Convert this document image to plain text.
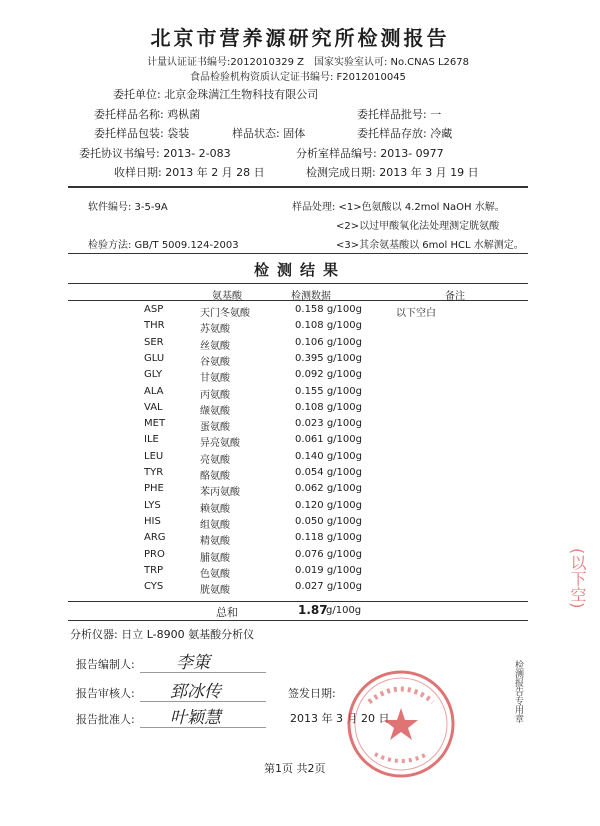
北京市营养源研究所检测报告
计量认证证书编号:2012010329 Z 国家实验室认可: No.CNAS L2678
食品检验机构资质认定证书编号: F2012010045
委托单位: 北京金珠满江生物科技有限公司
委托样品名称: 鸡枞菌	委托样品批号: 一
委托样品包装: 袋装	样品状态: 固体	委托样品存放: 冷藏
委托协议书编号: 2013- 2-083	分析室样品编号: 2013- 0977
收样日期: 2013 年 2 月 28 日	检测完成日期: 2013 年 3 月 19 日
软件编号: 3-5-9A	样品处理: <1>色氨酸以 4.2mol NaOH 水解。
<2>以过甲酸氧化法处理测定胱氨酸
检验方法: GB/T 5009.124-2003	<3>其余氨基酸以 6mol HCL 水解测定。
检测结果
氨基酸	检测数据	备注
ASP	天门冬氨酸	0.158 g/100g	以下空白
THR	苏氨酸	0.108 g/100g
SER	丝氨酸	0.106 g/100g
GLU	谷氨酸	0.395 g/100g
GLY	甘氨酸	0.092 g/100g
ALA	丙氨酸	0.155 g/100g
VAL	缬氨酸	0.108 g/100g
MET	蛋氨酸	0.023 g/100g
ILE	异亮氨酸	0.061 g/100g
LEU	亮氨酸	0.140 g/100g
TYR	酪氨酸	0.054 g/100g
PHE	苯丙氨酸	0.062 g/100g
LYS	赖氨酸	0.120 g/100g
HIS	组氨酸	0.050 g/100g
ARG	精氨酸	0.118 g/100g
PRO	脯氨酸	0.076 g/100g
TRP	色氨酸	0.019 g/100g
CYS	胱氨酸	0.027 g/100g
总和	1.87
g/100g
分析仪器: 日立 L-8900 氨基酸分析仪
报告编制人: 李䇿
报告审核人: 郅冰传	签发日期:
报告批准人: 叶颖慧	2013 年 3 月 20 日	检测报告专用章
(以下空)
第1页 共2页
